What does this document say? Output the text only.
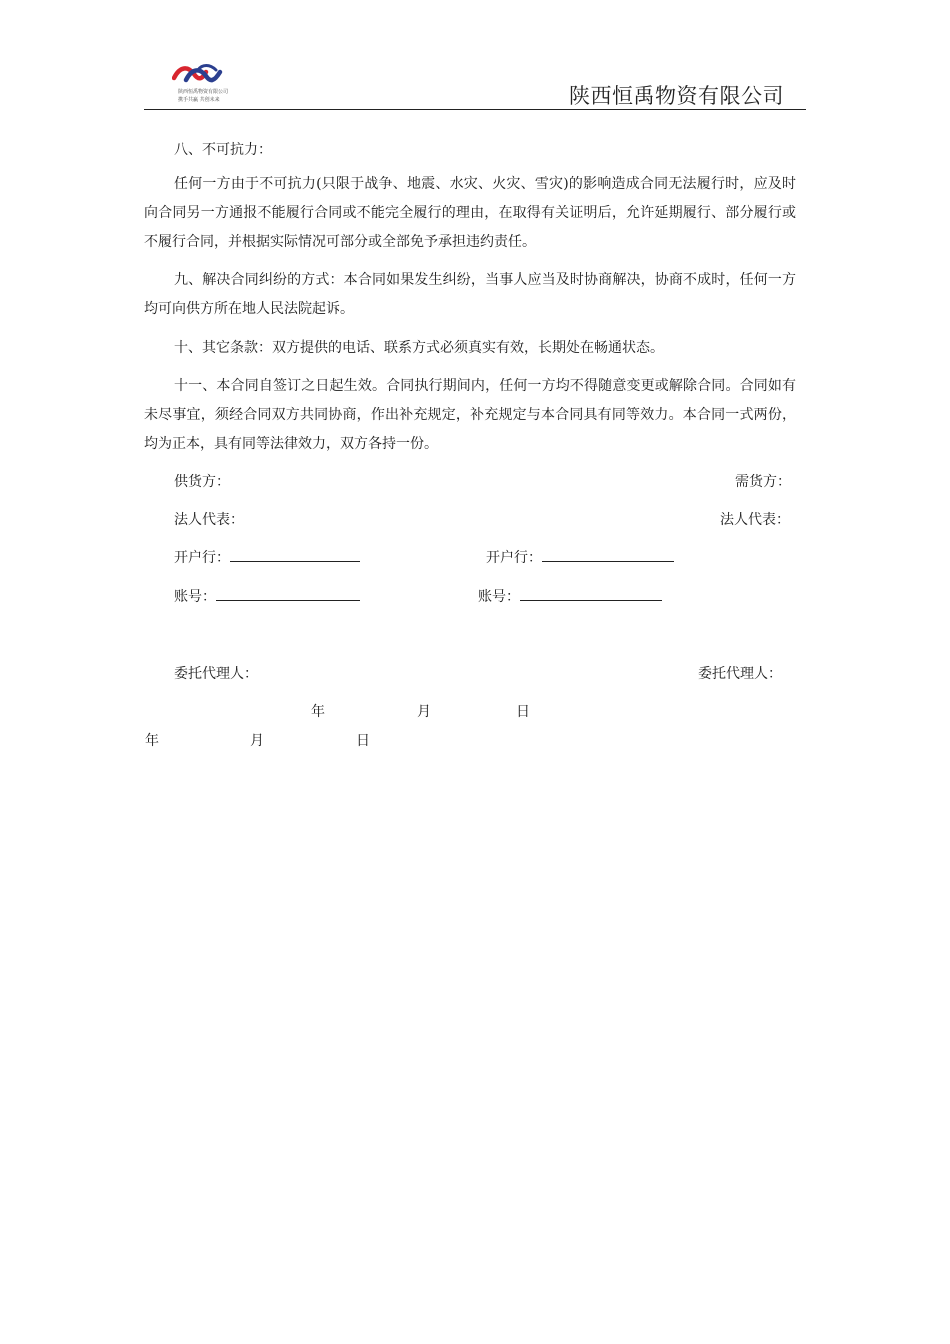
陕西恒禹物资有限公司
携手共赢 共创未来	陕西恒禹物资有限公司

八、不可抗力：

任何一方由于不可抗力(只限于战争、地震、水灾、火灾、雪灾)的影响造成合同无法履行时，应及时向合同另一方通报不能履行合同或不能完全履行的理由，在取得有关证明后，允许延期履行、部分履行或不履行合同，并根据实际情况可部分或全部免予承担违约责任。

九、解决合同纠纷的方式：本合同如果发生纠纷，当事人应当及时协商解决，协商不成时，任何一方均可向供方所在地人民法院起诉。

十、其它条款：双方提供的电话、联系方式必须真实有效，长期处在畅通状态。

十一、本合同自签订之日起生效。合同执行期间内，任何一方均不得随意变更或解除合同。合同如有未尽事宜，须经合同双方共同协商，作出补充规定，补充规定与本合同具有同等效力。本合同一式两份，均为正本，具有同等法律效力，双方各持一份。

供货方：	需货方：
法人代表：	法人代表：
开户行：	开户行：
账号：	账号：
委托代理人：	委托代理人：
年	月	日
年	月	日
